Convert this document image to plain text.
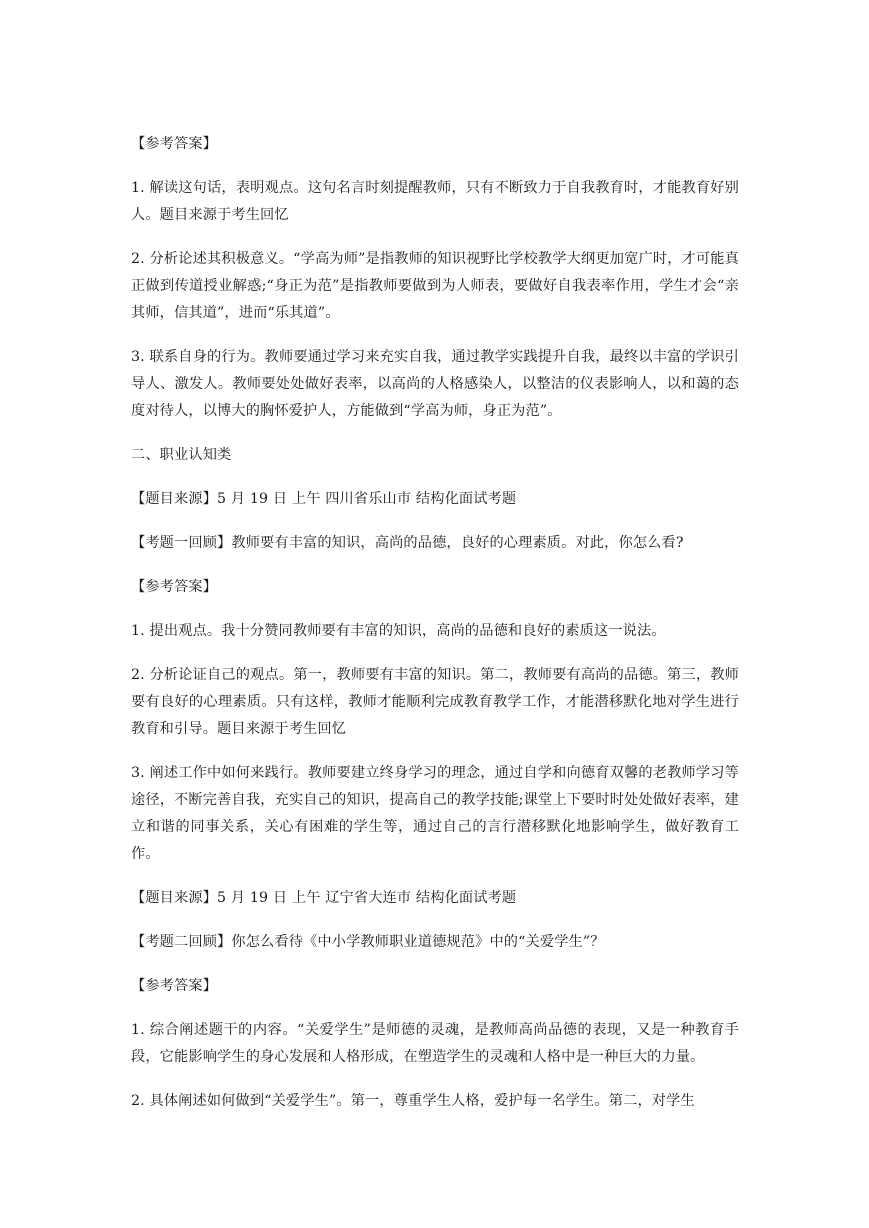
【参考答案】

1. 解读这句话，表明观点。这句名言时刻提醒教师，只有不断致力于自我教育时，才能教育好别人。题目来源于考生回忆

2. 分析论述其积极意义。“学高为师”是指教师的知识视野比学校教学大纲更加宽广时，才可能真正做到传道授业解惑;“身正为范”是指教师要做到为人师表，要做好自我表率作用，学生才会“亲其师，信其道”，进而“乐其道”。

3. 联系自身的行为。教师要通过学习来充实自我，通过教学实践提升自我，最终以丰富的学识引导人、激发人。教师要处处做好表率，以高尚的人格感染人，以整洁的仪表影响人，以和蔼的态度对待人，以博大的胸怀爱护人，方能做到“学高为师，身正为范”。

二、职业认知类

【题目来源】5 月 19 日 上午 四川省乐山市 结构化面试考题

【考题一回顾】教师要有丰富的知识，高尚的品德，良好的心理素质。对此，你怎么看?

【参考答案】

1. 提出观点。我十分赞同教师要有丰富的知识，高尚的品德和良好的素质这一说法。

2. 分析论证自己的观点。第一，教师要有丰富的知识。第二，教师要有高尚的品德。第三，教师要有良好的心理素质。只有这样，教师才能顺利完成教育教学工作，才能潜移默化地对学生进行教育和引导。题目来源于考生回忆

3. 阐述工作中如何来践行。教师要建立终身学习的理念，通过自学和向德育双馨的老教师学习等途径，不断完善自我，充实自己的知识，提高自己的教学技能;课堂上下要时时处处做好表率，建立和谐的同事关系，关心有困难的学生等，通过自己的言行潜移默化地影响学生，做好教育工作。

【题目来源】5 月 19 日 上午 辽宁省大连市 结构化面试考题

【考题二回顾】你怎么看待《中小学教师职业道德规范》中的“关爱学生”？

【参考答案】

1. 综合阐述题干的内容。“关爱学生”是师德的灵魂，是教师高尚品德的表现，又是一种教育手段，它能影响学生的身心发展和人格形成，在塑造学生的灵魂和人格中是一种巨大的力量。

2. 具体阐述如何做到“关爱学生”。第一，尊重学生人格，爱护每一名学生。第二，对学生
